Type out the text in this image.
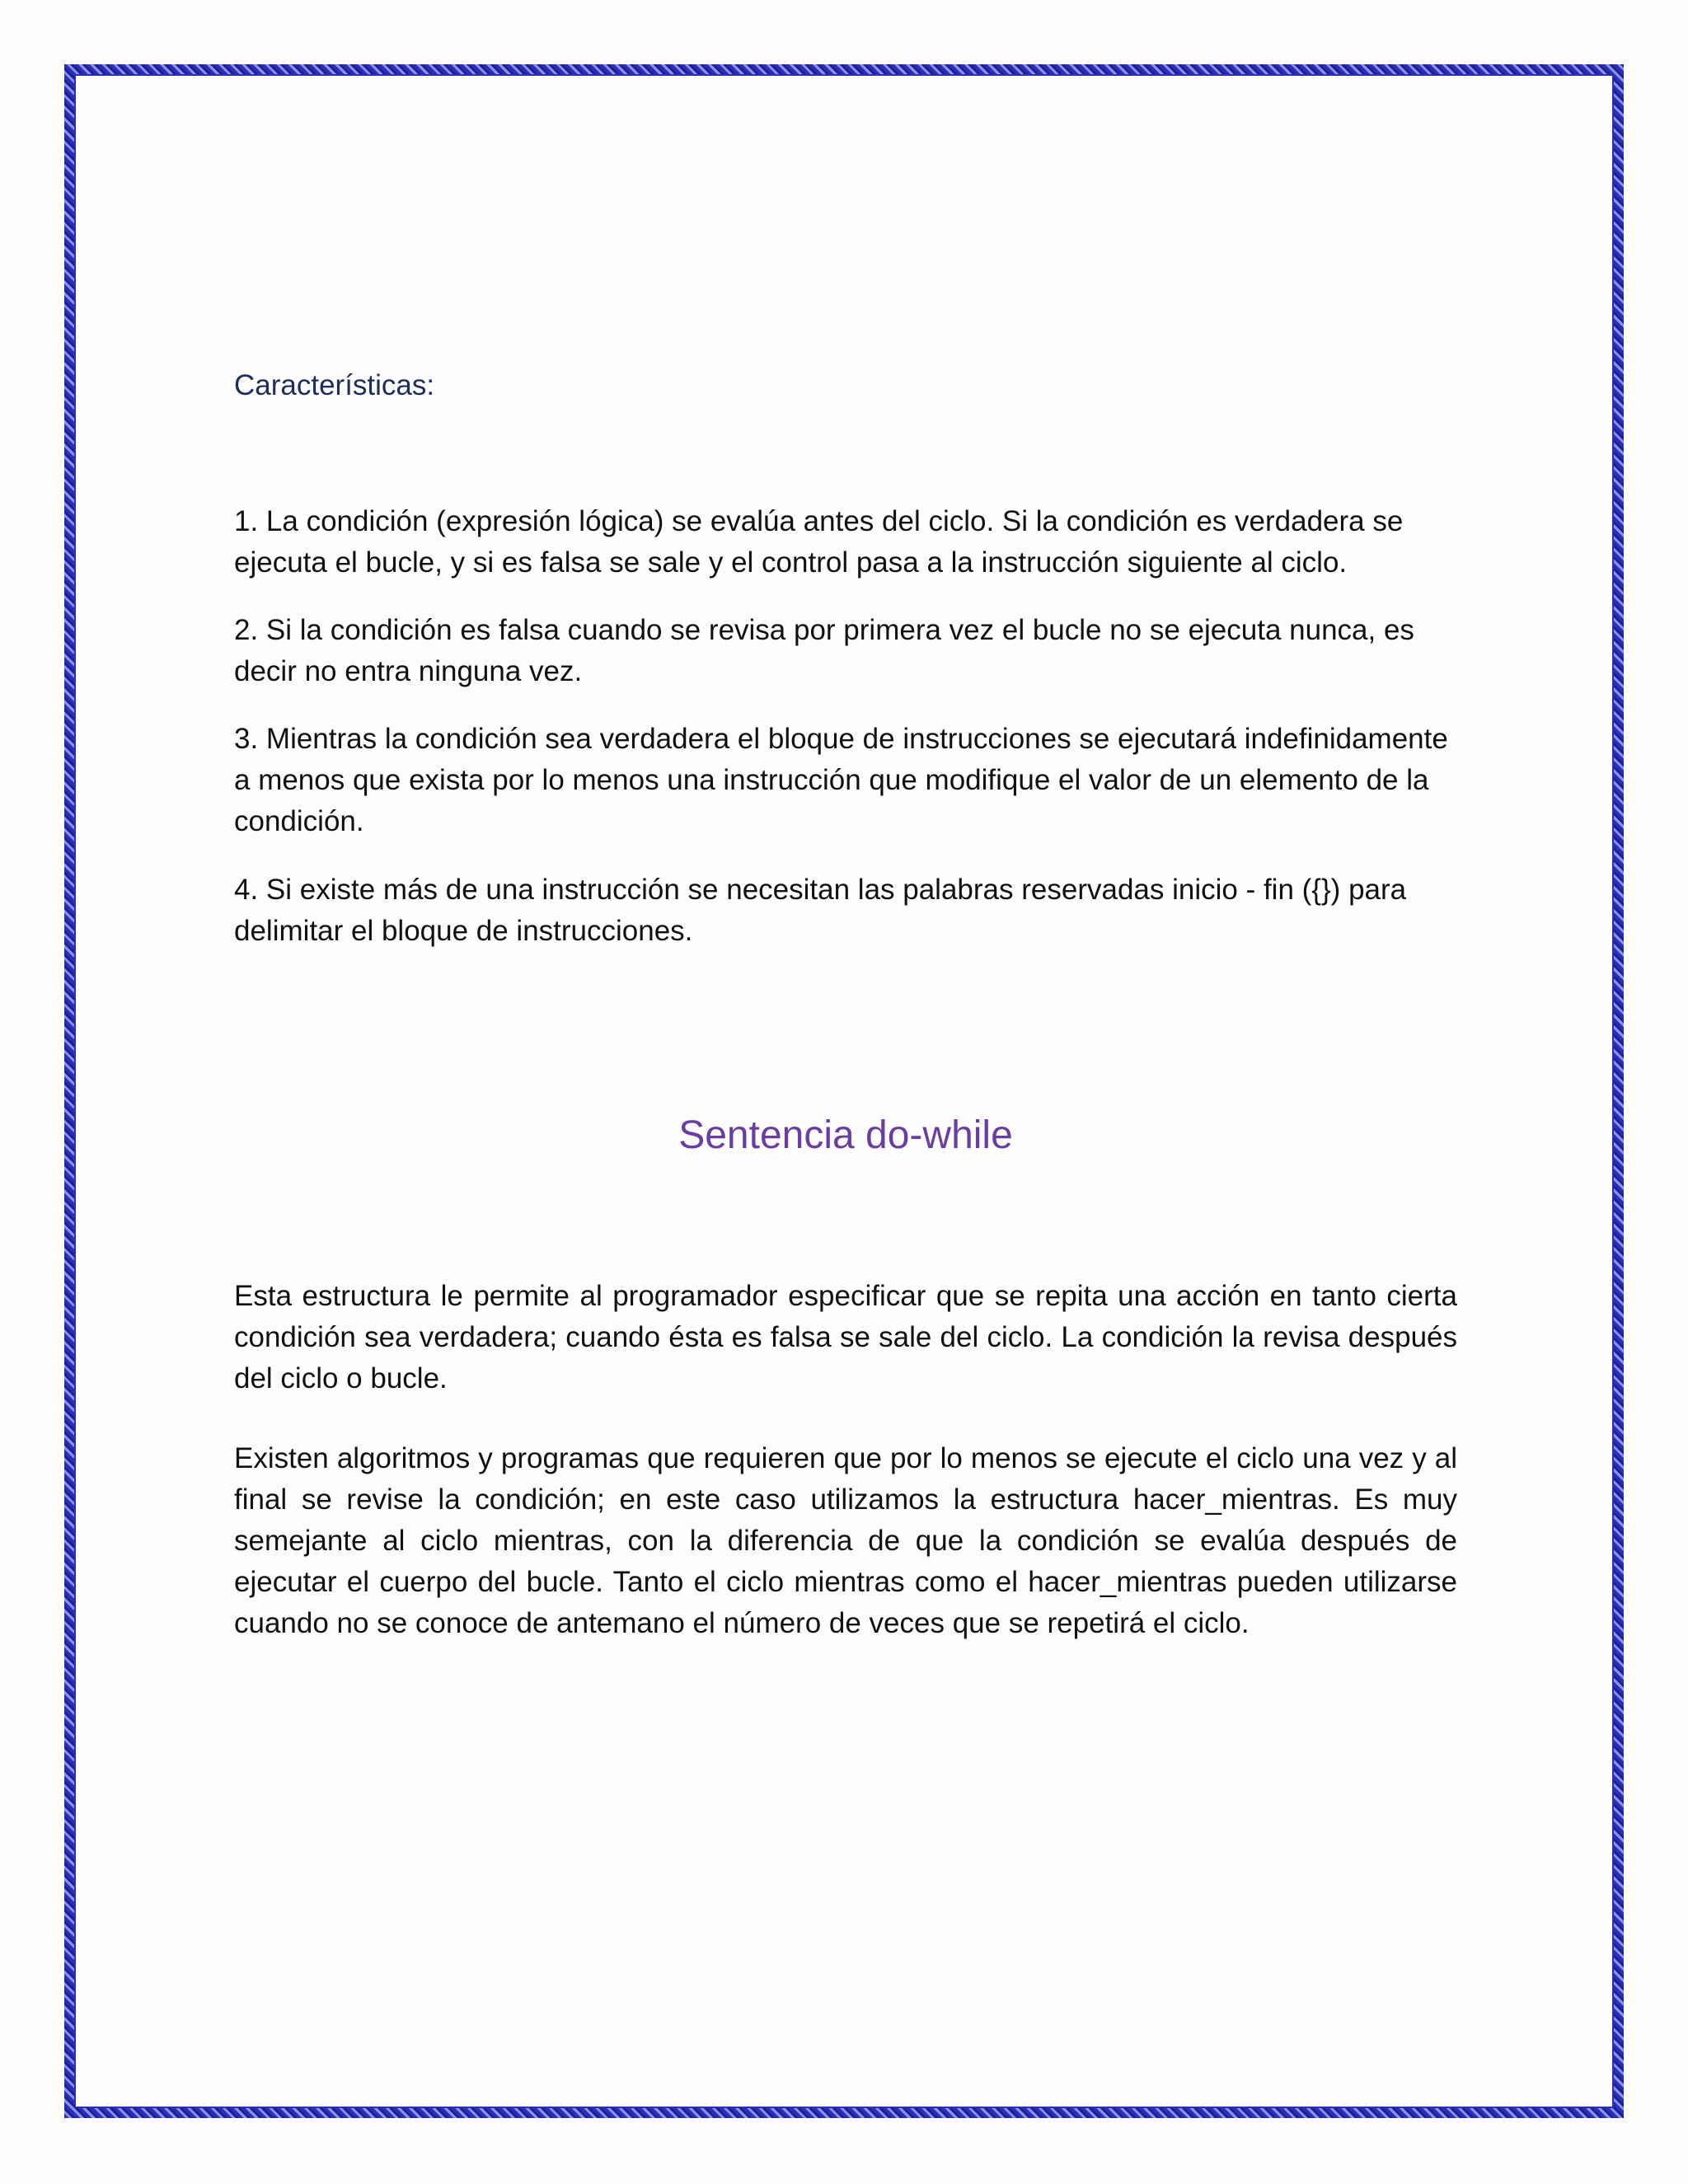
Características:

1. La condición (expresión lógica) se evalúa antes del ciclo. Si la condición es verdadera se ejecuta el bucle, y si es falsa se sale y el control pasa a la instrucción siguiente al ciclo.

2. Si la condición es falsa cuando se revisa por primera vez el bucle no se ejecuta nunca, es decir no entra ninguna vez.

3. Mientras la condición sea verdadera el bloque de instrucciones se ejecutará indefinidamente a menos que exista por lo menos una instrucción que modifique el valor de un elemento de la condición.

4. Si existe más de una instrucción se necesitan las palabras reservadas inicio - fin ({}) para delimitar el bloque de instrucciones.

Sentencia do-while

Esta estructura le permite al programador especificar que se repita una acción en tanto cierta condición sea verdadera; cuando ésta es falsa se sale del ciclo. La condición la revisa después del ciclo o bucle.

Existen algoritmos y programas que requieren que por lo menos se ejecute el ciclo una vez y al final se revise la condición; en este caso utilizamos la estructura hacer_mientras. Es muy semejante al ciclo mientras, con la diferencia de que la condición se evalúa después de ejecutar el cuerpo del bucle. Tanto el ciclo mientras como el hacer_mientras pueden utilizarse cuando no se conoce de antemano el número de veces que se repetirá el ciclo.
